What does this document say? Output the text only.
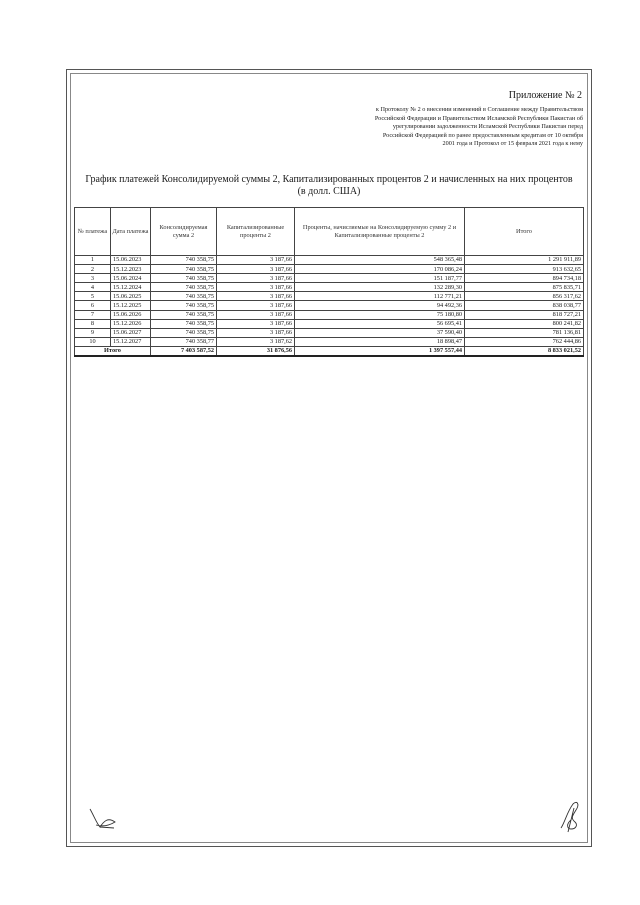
Приложение № 2
к Протоколу № 2 о внесении изменений в Соглашение между Правительством
Российской Федерации и Правительством Исламской Республики Пакистан об
урегулировании задолженности Исламской Республики Пакистан перед
Российской Федерацией по ранее предоставленным кредитам от 10 октября
2001 года и Протокол от 15 февраля 2021 года к нему
График платежей Консолидируемой суммы 2, Капитализированных процентов 2 и начисленных на них процентов
(в долл. США)
№ платежа	Дата платежа	Консолидируемая сумма 2	Капитализированные проценты 2	Проценты, начисляемые на Консолидируемую сумму 2 и Капитализированные проценты 2	Итого
1	15.06.2023	740 358,75	3 187,66	548 365,48	1 291 911,89
2	15.12.2023	740 358,75	3 187,66	170 086,24	913 632,65
3	15.06.2024	740 358,75	3 187,66	151 187,77	894 734,18
4	15.12.2024	740 358,75	3 187,66	132 289,30	875 835,71
5	15.06.2025	740 358,75	3 187,66	112 771,21	856 317,62
6	15.12.2025	740 358,75	3 187,66	94 492,36	838 038,77
7	15.06.2026	740 358,75	3 187,66	75 180,80	818 727,21
8	15.12.2026	740 358,75	3 187,66	56 695,41	800 241,82
9	15.06.2027	740 358,75	3 187,66	37 590,40	781 136,81
10	15.12.2027	740 358,77	3 187,62	18 898,47	762 444,86
Итого		7 403 587,52	31 876,56	1 397 557,44	8 833 021,52
